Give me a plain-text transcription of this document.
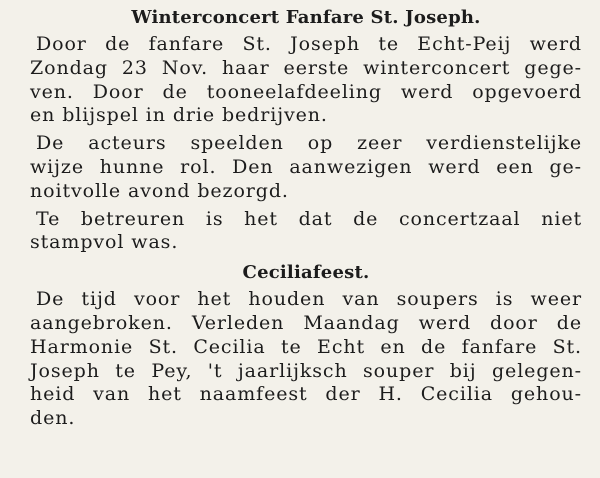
Winterconcert Fanfare St. Joseph.
Door de fanfare St. Joseph te Echt-Peij werd
Zondag 23 Nov. haar eerste winterconcert gege-
ven. Door de tooneelafdeeling werd opgevoerd
en blijspel in drie bedrijven.
De acteurs speelden op zeer verdienstelijke
wijze hunne rol. Den aanwezigen werd een ge-
noitvolle avond bezorgd.
Te betreuren is het dat de concertzaal niet
stampvol was.
Ceciliafeest.
De tijd voor het houden van soupers is weer
aangebroken. Verleden Maandag werd door de
Harmonie St. Cecilia te Echt en de fanfare St.
Joseph te Pey, 't jaarlijksch souper bij gelegen-
heid van het naamfeest der H. Cecilia gehou-
den.
